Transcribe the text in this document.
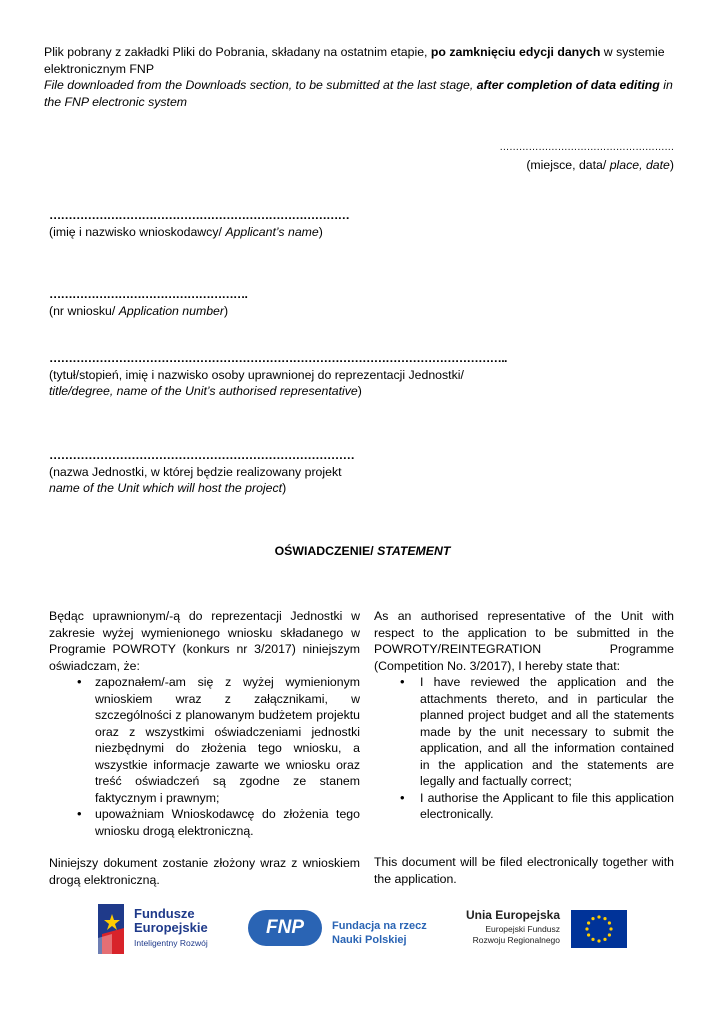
Plik pobrany z zakładki Pliki do Pobrania, składany na ostatnim etapie, po zamknięciu edycji danych w systemie elektronicznym FNP
File downloaded from the Downloads section, to be submitted at the last stage, after completion of data editing in the FNP electronic system
………………………………………………
(miejsce, data/ place, date)
……………………………………………………………………
(imię i nazwisko wnioskodawcy/ Applicant’s name)
…………………………………………….
(nr wniosku/ Application number)
………………………………………………………………………………………………………..
(tytuł/stopień, imię i nazwisko osoby uprawnionej do reprezentacji Jednostki/
title/degree, name of the Unit’s authorised representative)
……………………………………………………………………
(nazwa Jednostki, w której będzie realizowany projekt
name of the Unit which will host the project)
OŚWIADCZENIE/ STATEMENT
Będąc uprawnionym/-ą do reprezentacji Jednostki w zakresie wyżej wymienionego wniosku składanego w Programie POWROTY (konkurs nr 3/2017) niniejszym oświadczam, że:
• zapoznałem/-am się z wyżej wymienionym wnioskiem wraz z załącznikami, w szczególności z planowanym budżetem projektu oraz z wszystkimi oświadczeniami jednostki niezbędnymi do złożenia tego wniosku, a wszystkie informacje zawarte we wniosku oraz treść oświadczeń są zgodne ze stanem faktycznym i prawnym;
• upoważniam Wnioskodawcę do złożenia tego wniosku drogą elektroniczną.
Niniejszy dokument zostanie złożony wraz z wnioskiem drogą elektroniczną.
As an authorised representative of the Unit with respect to the application to be submitted in the POWROTY/REINTEGRATION Programme (Competition No. 3/2017), I hereby state that:
• I have reviewed the application and the attachments thereto, and in particular the planned project budget and all the statements made by the unit necessary to submit the application, and all the information contained in the application and the statements are legally and factually correct;
• I authorise the Applicant to file this application electronically.
This document will be filed electronically together with the application.
Fundusze
Europejskie
Inteligentny Rozwój
FNP	Fundacja na rzecz
Nauki Polskiej
Unia Europejska
Europejski Fundusz
Rozwoju Regionalnego
